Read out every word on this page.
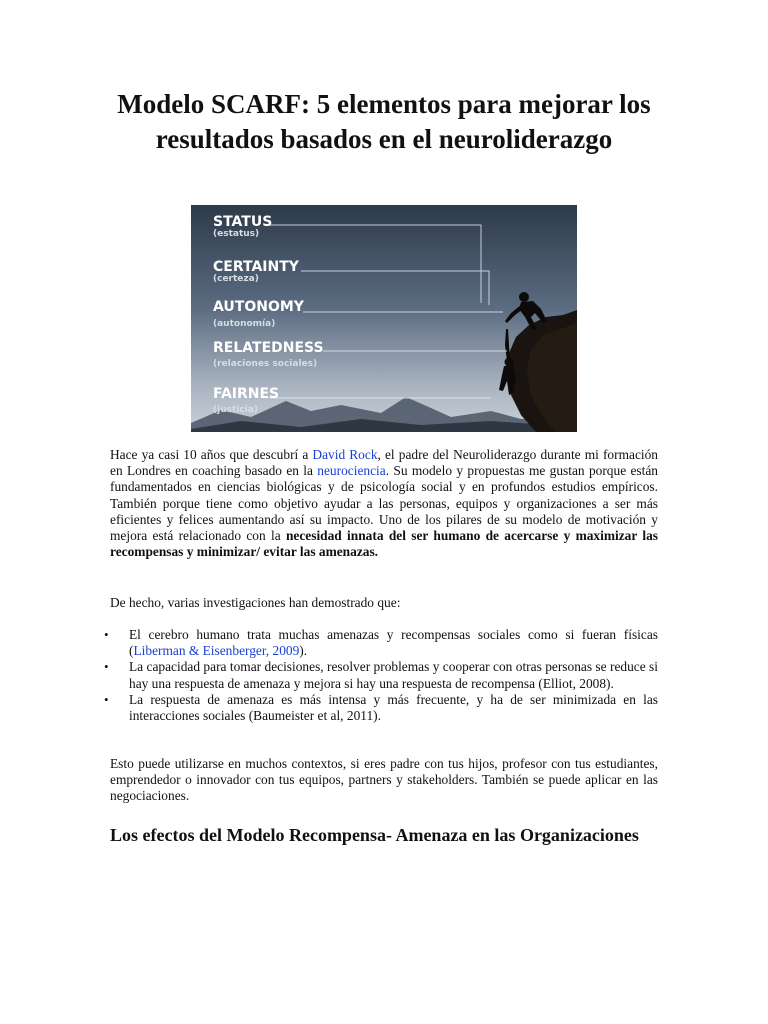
Modelo SCARF: 5 elementos para mejorar los resultados basados en el neuroliderazgo
STATUS
(estatus)
CERTAINTY
(certeza)
AUTONOMY
(autonomía)
RELATEDNESS
(relaciones sociales)
FAIRNES
(justicia)

Hace ya casi 10 años que descubrí a David Rock, el padre del Neuroliderazgo durante mi formación en Londres en coaching basado en la neurociencia. Su modelo y propuestas me gustan porque están fundamentados en ciencias biológicas y de psicología social y en profundos estudios empíricos. También porque tiene como objetivo ayudar a las personas, equipos y organizaciones a ser más eficientes y felices aumentando así su impacto. Uno de los pilares de su modelo de motivación y mejora está relacionado con la necesidad innata del ser humano de acercarse y maximizar las recompensas y minimizar/ evitar las amenazas.

De hecho, varias investigaciones han demostrado que:

• El cerebro humano trata muchas amenazas y recompensas sociales como si fueran físicas (Liberman & Eisenberger, 2009).
• La capacidad para tomar decisiones, resolver problemas y cooperar con otras personas se reduce si hay una respuesta de amenaza y mejora si hay una respuesta de recompensa (Elliot, 2008).
• La respuesta de amenaza es más intensa y más frecuente, y ha de ser minimizada en las interacciones sociales (Baumeister et al, 2011).

Esto puede utilizarse en muchos contextos, si eres padre con tus hijos, profesor con tus estudiantes, emprendedor o innovador con tus equipos, partners y stakeholders. También se puede aplicar en las negociaciones.

Los efectos del Modelo Recompensa- Amenaza en las Organizaciones
